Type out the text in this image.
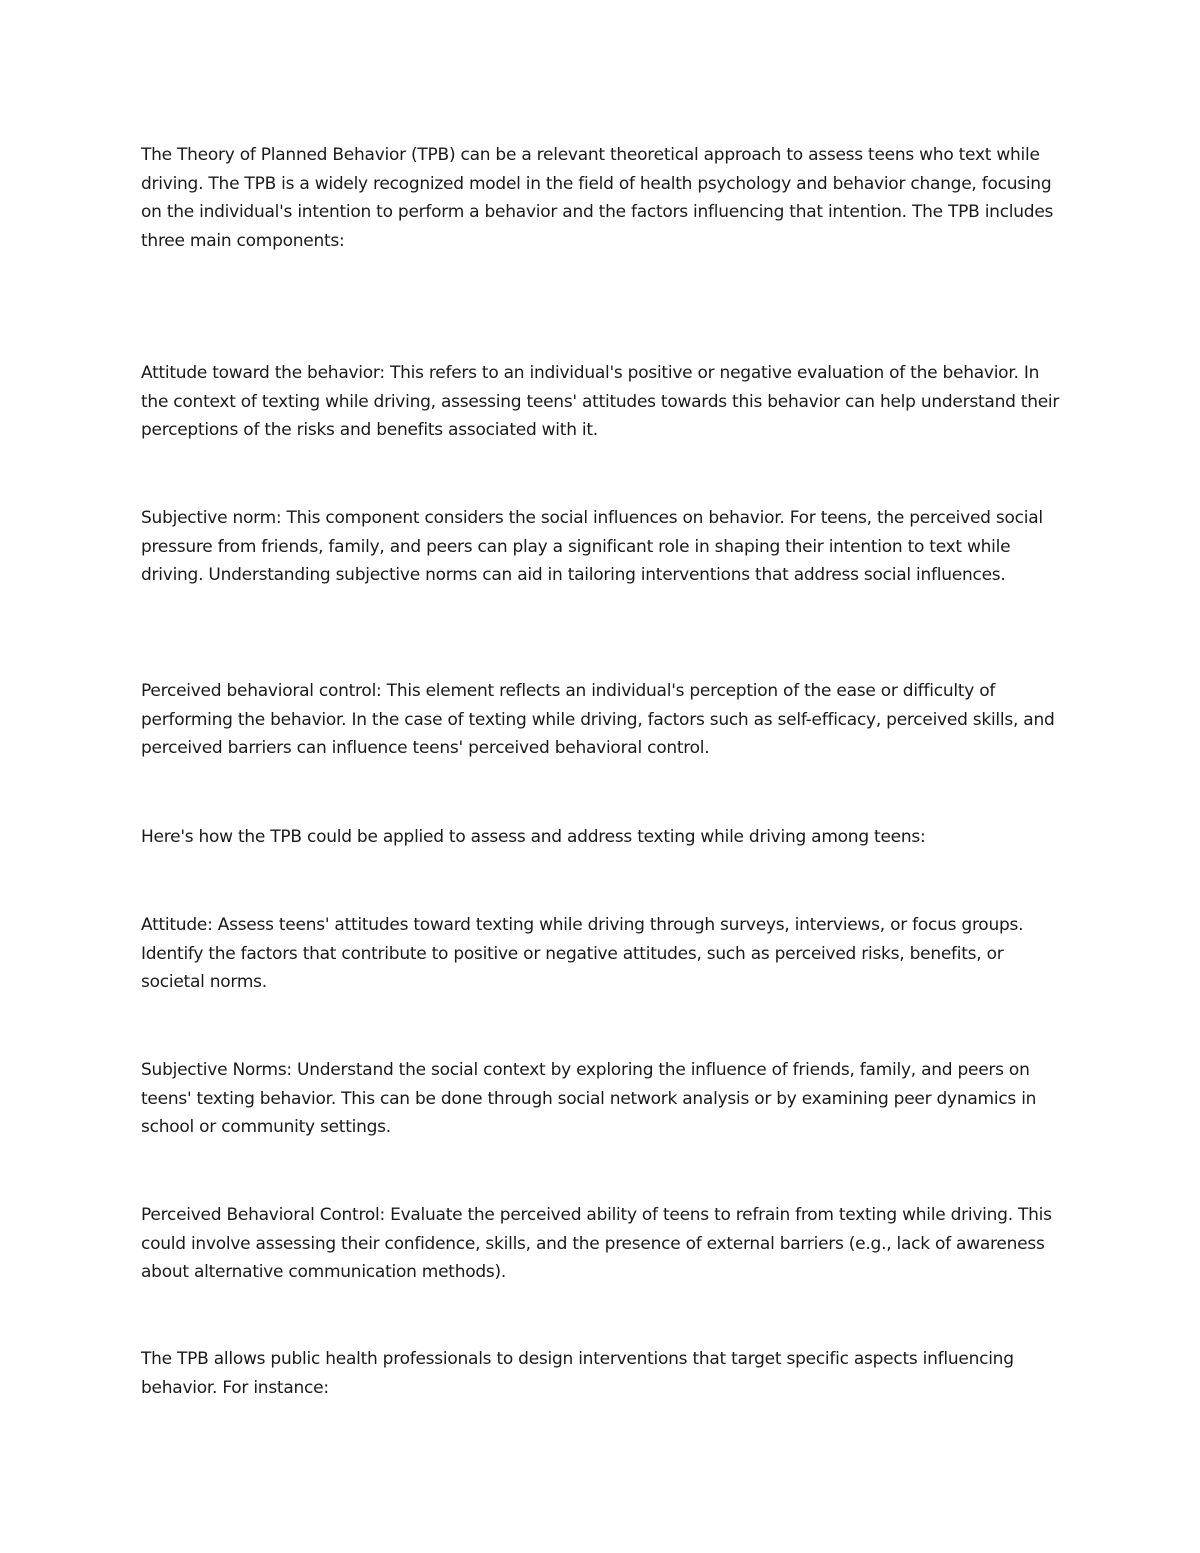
The Theory of Planned Behavior (TPB) can be a relevant theoretical approach to assess teens who text while driving. The TPB is a widely recognized model in the field of health psychology and behavior change, focusing on the individual's intention to perform a behavior and the factors influencing that intention. The TPB includes three main components:

Attitude toward the behavior: This refers to an individual's positive or negative evaluation of the behavior. In the context of texting while driving, assessing teens' attitudes towards this behavior can help understand their perceptions of the risks and benefits associated with it.

Subjective norm: This component considers the social influences on behavior. For teens, the perceived social pressure from friends, family, and peers can play a significant role in shaping their intention to text while driving. Understanding subjective norms can aid in tailoring interventions that address social influences.

Perceived behavioral control: This element reflects an individual's perception of the ease or difficulty of performing the behavior. In the case of texting while driving, factors such as self-efficacy, perceived skills, and perceived barriers can influence teens' perceived behavioral control.

Here's how the TPB could be applied to assess and address texting while driving among teens:

Attitude: Assess teens' attitudes toward texting while driving through surveys, interviews, or focus groups. Identify the factors that contribute to positive or negative attitudes, such as perceived risks, benefits, or societal norms.

Subjective Norms: Understand the social context by exploring the influence of friends, family, and peers on teens' texting behavior. This can be done through social network analysis or by examining peer dynamics in school or community settings.

Perceived Behavioral Control: Evaluate the perceived ability of teens to refrain from texting while driving. This could involve assessing their confidence, skills, and the presence of external barriers (e.g., lack of awareness about alternative communication methods).

The TPB allows public health professionals to design interventions that target specific aspects influencing behavior. For instance:
